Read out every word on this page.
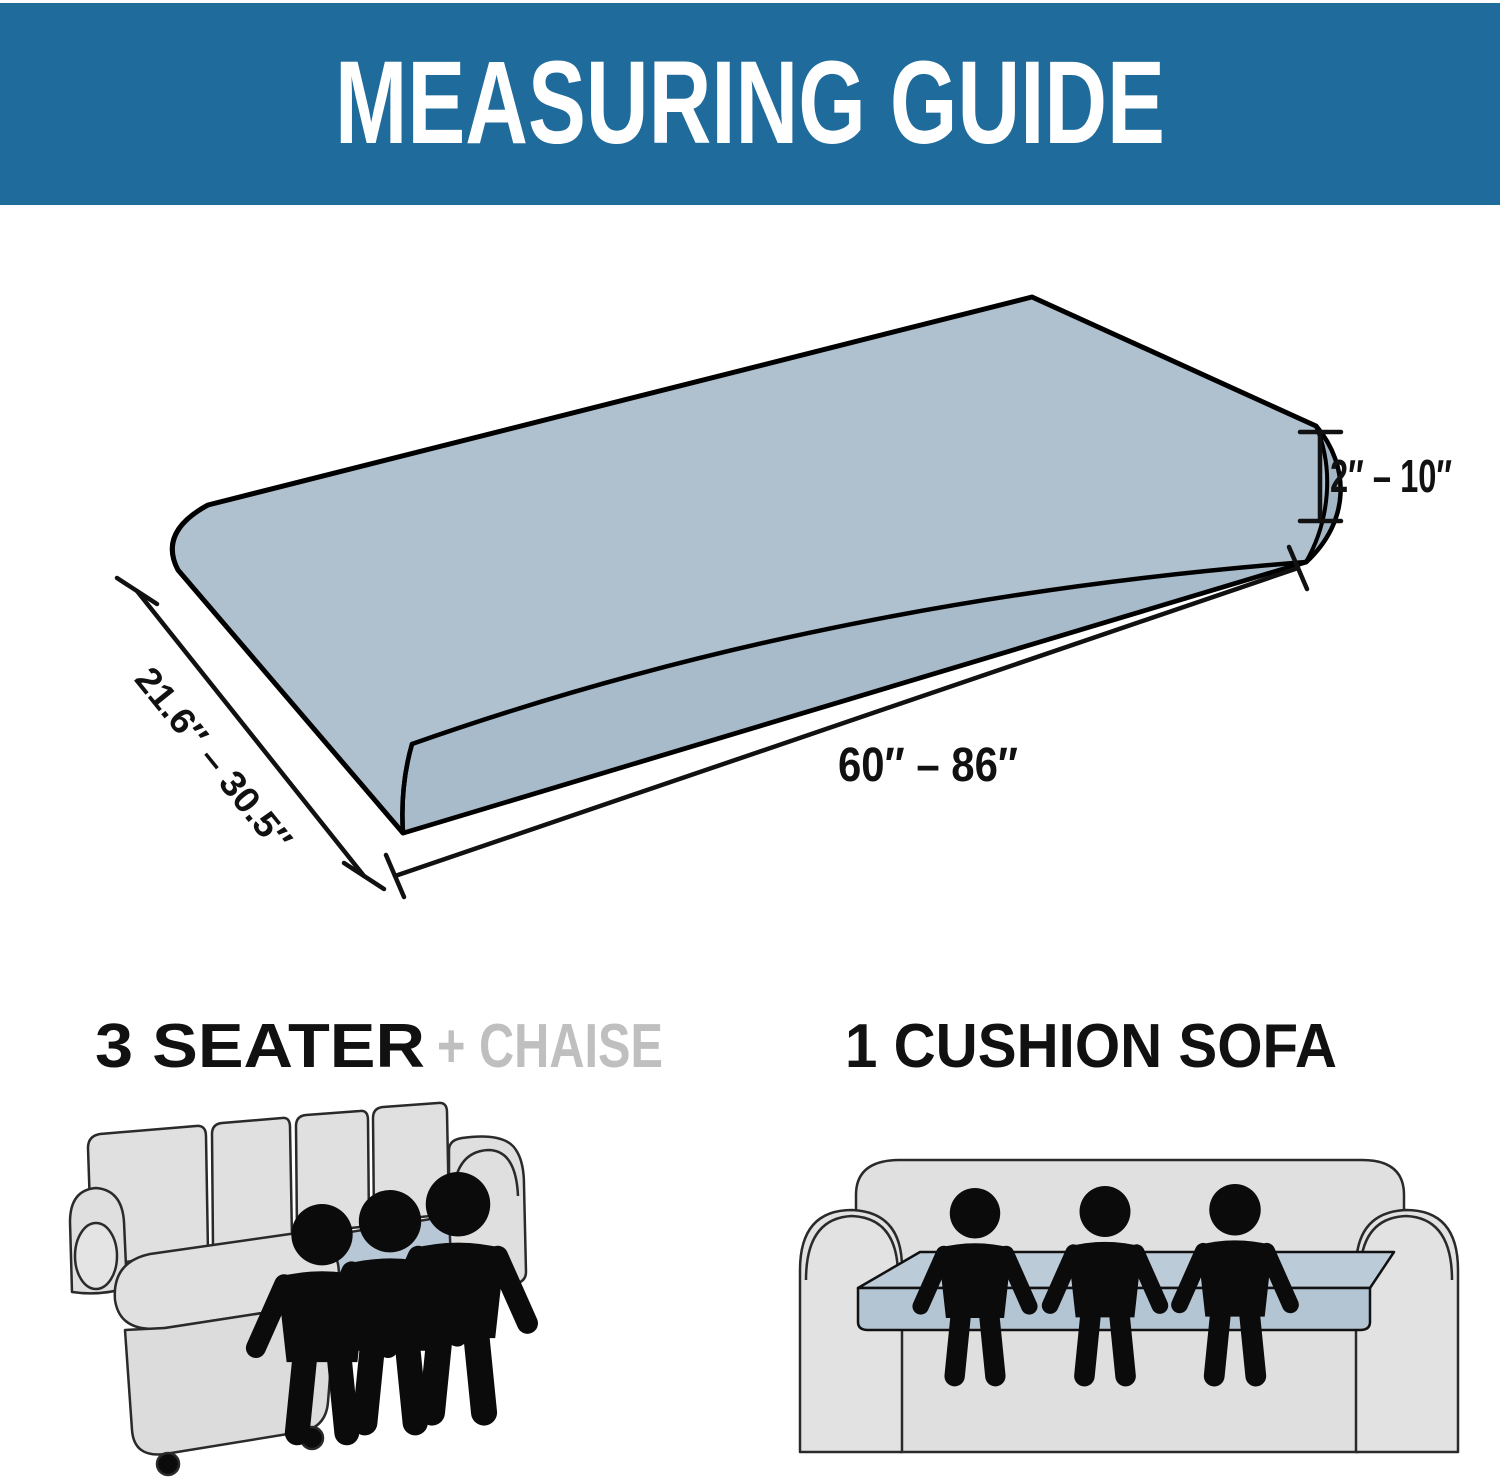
MEASURING GUIDE
2″ – 10″
60″ – 86″
21.6″ – 30.5″
3 SEATER + CHAISE	1 CUSHION SOFA
